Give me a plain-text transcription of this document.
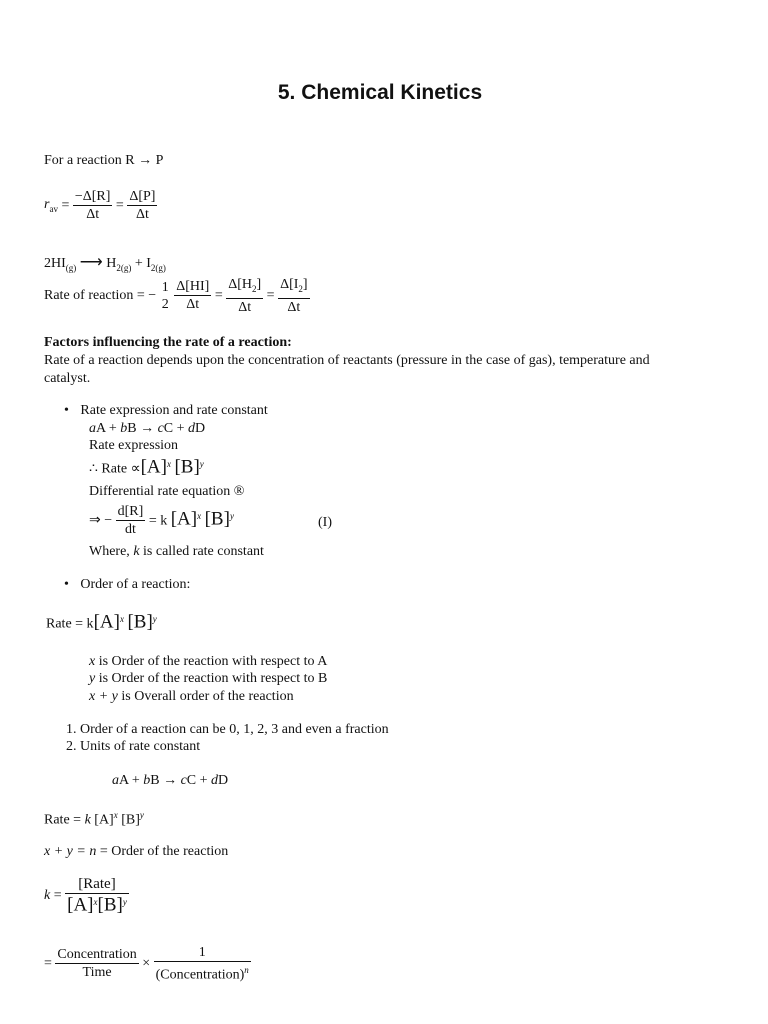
5. Chemical Kinetics
For a reaction R → P
$r_{av} = \frac{-\Delta[R]}{\Delta t} = \frac{\Delta[P]}{\Delta t}$
$2HI_{(g)}$ ⟶ $H_{2(g)} + I_{2(g)}$
Rate of reaction = −
1
2
$\frac{\Delta[HI]}{\Delta t} = \frac{\Delta[H_2]}{\Delta t} = \frac{\Delta[I_2]}{\Delta t}$
Factors influencing the rate of a reaction:
Rate of a reaction depends upon the concentration of reactants (pressure in the case of gas), temperature and
catalyst.
• Rate expression and rate constant
aA + bB → cC + dD
Rate expression
∴ Rate $\propto[A]^x$ $[B]^y$
Differential rate equation ®
⇒ − $\frac{d[R]}{dt} = k$ $[A]^x$ $[B]^y$	(I)
Where, k is called rate constant
• Order of a reaction:
Rate = $k[A]^x$ $[B]^y$
x is Order of the reaction with respect to A
y is Order of the reaction with respect to B
x + y is Overall order of the reaction
1. Order of a reaction can be 0, 1, 2, 3 and even a fraction
2. Units of rate constant
aA + bB → cC + dD
Rate = k $[A]^x$ $[B]^y$
x + y = n = Order of the reaction
$k = \frac{\text{[Rate]}}{[A]^x[B]^y}$
= $\frac{\text{Concentration}}{\text{Time}} \times \frac{1}{(Concentration)^n}$
